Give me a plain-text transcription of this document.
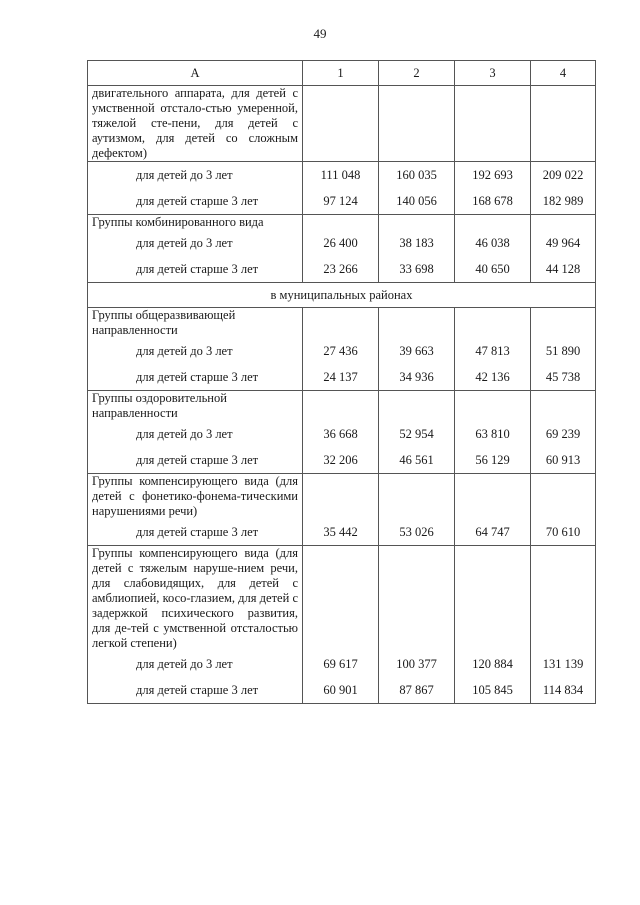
49
А	1	2	3	4
двигательного аппарата, для детей с умственной отстало-стью умеренной, тяжелой сте-пени, для детей с аутизмом, для детей со сложным дефектом)				
для детей до 3 лет	111 048	160 035	192 693	209 022
для детей старше 3 лет	97 124	140 056	168 678	182 989
Группы комбинированного вида				
для детей до 3 лет	26 400	38 183	46 038	49 964
для детей старше 3 лет	23 266	33 698	40 650	44 128
в муниципальных районах				
Группы общеразвивающей направленности				
для детей до 3 лет	27 436	39 663	47 813	51 890
для детей старше 3 лет	24 137	34 936	42 136	45 738
Группы оздоровительной направленности				
для детей до 3 лет	36 668	52 954	63 810	69 239
для детей старше 3 лет	32 206	46 561	56 129	60 913
Группы компенсирующего вида (для детей с фонетико-фонема-тическими нарушениями речи)				
для детей старше 3 лет	35 442	53 026	64 747	70 610
Группы компенсирующего вида (для детей с тяжелым наруше-нием речи, для слабовидящих, для детей с амблиопией, косо-глазием, для детей с задержкой психического развития, для де-тей с умственной отсталостью легкой степени)				
для детей до 3 лет	69 617	100 377	120 884	131 139
для детей старше 3 лет	60 901	87 867	105 845	114 834
